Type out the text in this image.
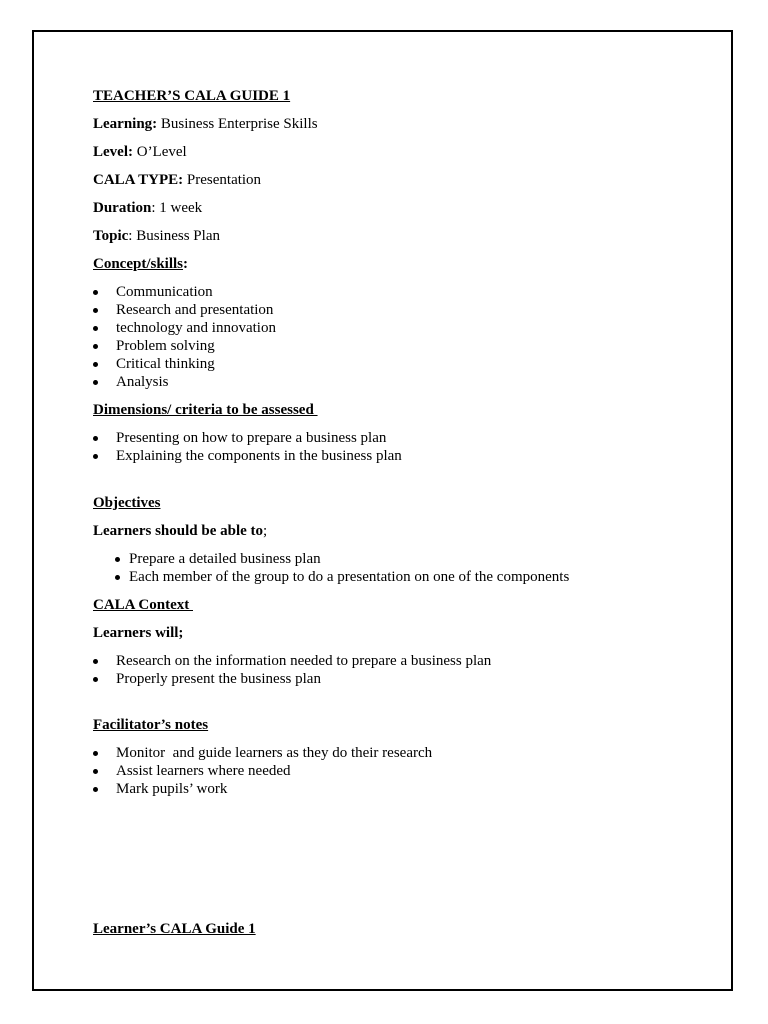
TEACHER’S CALA GUIDE 1

Learning: Business Enterprise Skills

Level: O’Level

CALA TYPE: Presentation

Duration: 1 week

Topic: Business Plan

Concept/skills:

Communication
Research and presentation
technology and innovation
Problem solving
Critical thinking
Analysis

Dimensions/ criteria to be assessed

Presenting on how to prepare a business plan
Explaining the components in the business plan

Objectives

Learners should be able to;

Prepare a detailed business plan
Each member of the group to do a presentation on one of the components

CALA Context

Learners will;

Research on the information needed to prepare a business plan
Properly present the business plan

Facilitator’s notes

Monitor  and guide learners as they do their research
Assist learners where needed
Mark pupils’ work

Learner’s CALA Guide 1
